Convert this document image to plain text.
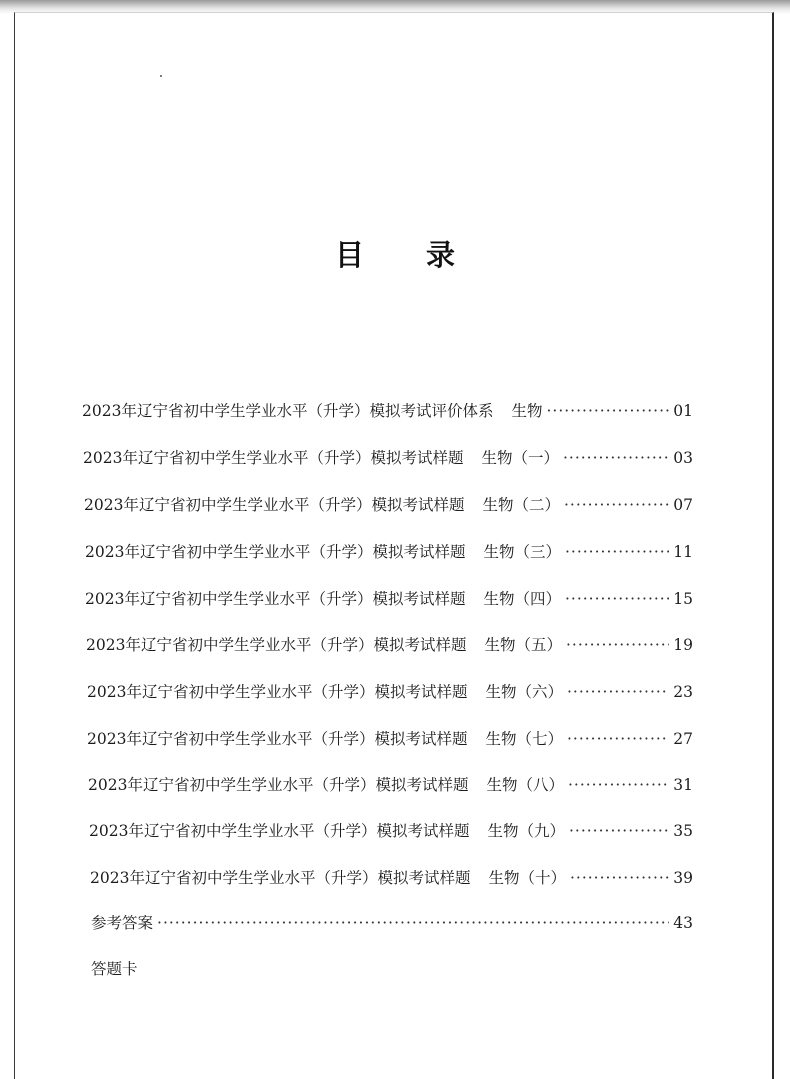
目 录
2023年辽宁省初中学生学业水平（升学）模拟考试评价体系 生物 ·····	01
2023年辽宁省初中学生学业水平（升学）模拟考试样题 生物（一） ·····	03
2023年辽宁省初中学生学业水平（升学）模拟考试样题 生物（二） ·····	07
2023年辽宁省初中学生学业水平（升学）模拟考试样题 生物（三） ·····	11
2023年辽宁省初中学生学业水平（升学）模拟考试样题 生物（四） ·····	15
2023年辽宁省初中学生学业水平（升学）模拟考试样题 生物（五） ·····	19
2023年辽宁省初中学生学业水平（升学）模拟考试样题 生物（六） ·····	23
2023年辽宁省初中学生学业水平（升学）模拟考试样题 生物（七） ·····	27
2023年辽宁省初中学生学业水平（升学）模拟考试样题 生物（八） ·····	31
2023年辽宁省初中学生学业水平（升学）模拟考试样题 生物（九） ·····	35
2023年辽宁省初中学生学业水平（升学）模拟考试样题 生物（十） ·····	39
参考答案 ·····	43
答题卡
